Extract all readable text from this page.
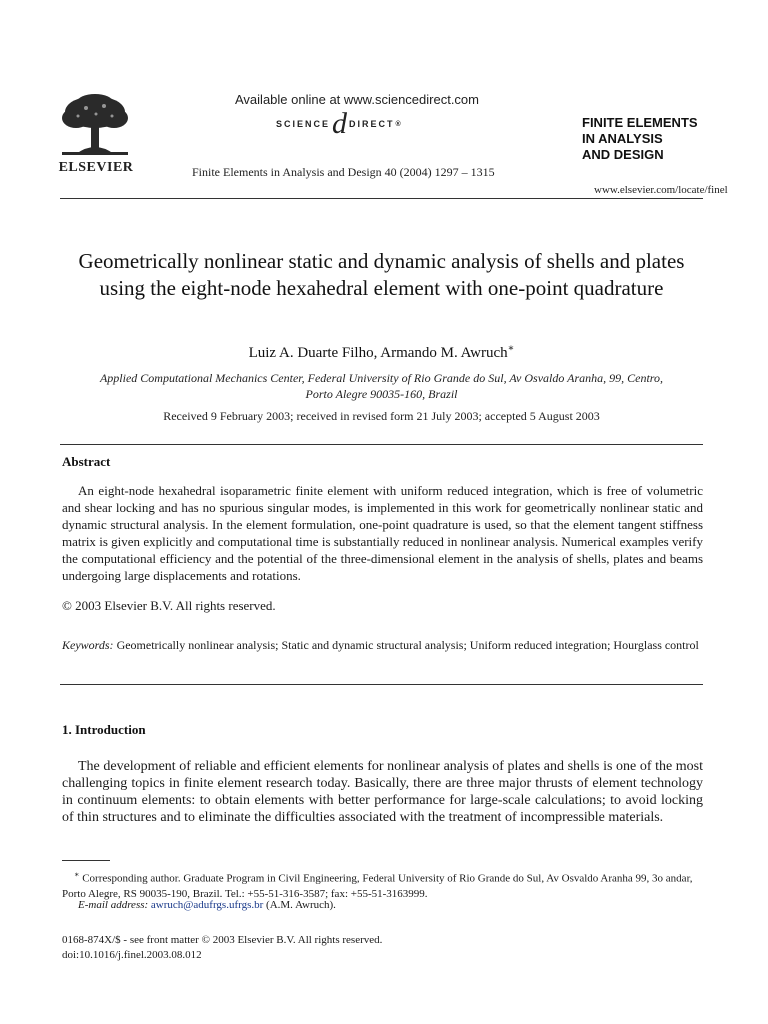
ELSEVIER
Available online at www.sciencedirect.com
SCIENCE d DIRECT ®
Finite Elements in Analysis and Design 40 (2004) 1297 – 1315
FINITE ELEMENTS
IN ANALYSIS
AND DESIGN
www.elsevier.com/locate/finel
Geometrically nonlinear static and dynamic analysis of shells and plates using the eight-node hexahedral element with one-point quadrature
Luiz A. Duarte Filho, Armando M. Awruch∗
Applied Computational Mechanics Center, Federal University of Rio Grande do Sul, Av Osvaldo Aranha, 99, Centro,
Porto Alegre 90035-160, Brazil
Received 9 February 2003; received in revised form 21 July 2003; accepted 5 August 2003
Abstract
An eight-node hexahedral isoparametric finite element with uniform reduced integration, which is free of volumetric and shear locking and has no spurious singular modes, is implemented in this work for geometrically nonlinear static and dynamic structural analysis. In the element formulation, one-point quadrature is used, so that the element tangent stiffness matrix is given explicitly and computational time is substantially reduced in nonlinear analysis. Numerical examples verify the computational efficiency and the potential of the three-dimensional element in the analysis of shells, plates and beams undergoing large displacements and rotations.
© 2003 Elsevier B.V. All rights reserved.
Keywords: Geometrically nonlinear analysis; Static and dynamic structural analysis; Uniform reduced integration; Hourglass control
1. Introduction
The development of reliable and efficient elements for nonlinear analysis of plates and shells is one of the most challenging topics in finite element research today. Basically, there are three major thrusts of element technology in continuum elements: to obtain elements with better performance for large-scale calculations; to avoid locking of thin structures and to eliminate the difficulties associated with the treatment of incompressible materials.
∗ Corresponding author. Graduate Program in Civil Engineering, Federal University of Rio Grande do Sul, Av Osvaldo Aranha 99, 3o andar, Porto Alegre, RS 90035-190, Brazil. Tel.: +55-51-316-3587; fax: +55-51-3163999.
E-mail address: awruch@adufrgs.ufrgs.br (A.M. Awruch).
0168-874X/$ - see front matter © 2003 Elsevier B.V. All rights reserved.
doi:10.1016/j.finel.2003.08.012
